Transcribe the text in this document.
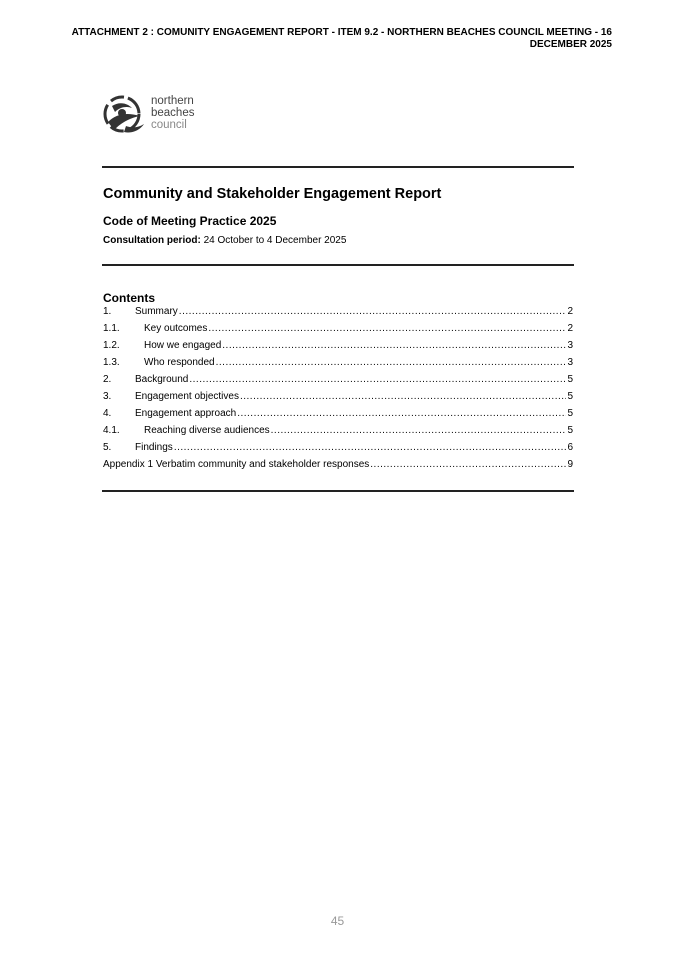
ATTACHMENT 2 : COMUNITY ENGAGEMENT REPORT - ITEM 9.2 - NORTHERN BEACHES COUNCIL MEETING - 16
DECEMBER 2025
northern
beaches
council
Community and Stakeholder Engagement Report
Code of Meeting Practice 2025
Consultation period: 24 October to 4 December 2025
Contents
1.	Summary .....	2
1.1.	Key outcomes .....	2
1.2.	How we engaged .....	3
1.3.	Who responded .....	3
2.	Background .....	5
3.	Engagement objectives .....	5
4.	Engagement approach .....	5
4.1.	Reaching diverse audiences .....	5
5.	Findings .....	6
Appendix 1 Verbatim community and stakeholder responses .....	9
45
